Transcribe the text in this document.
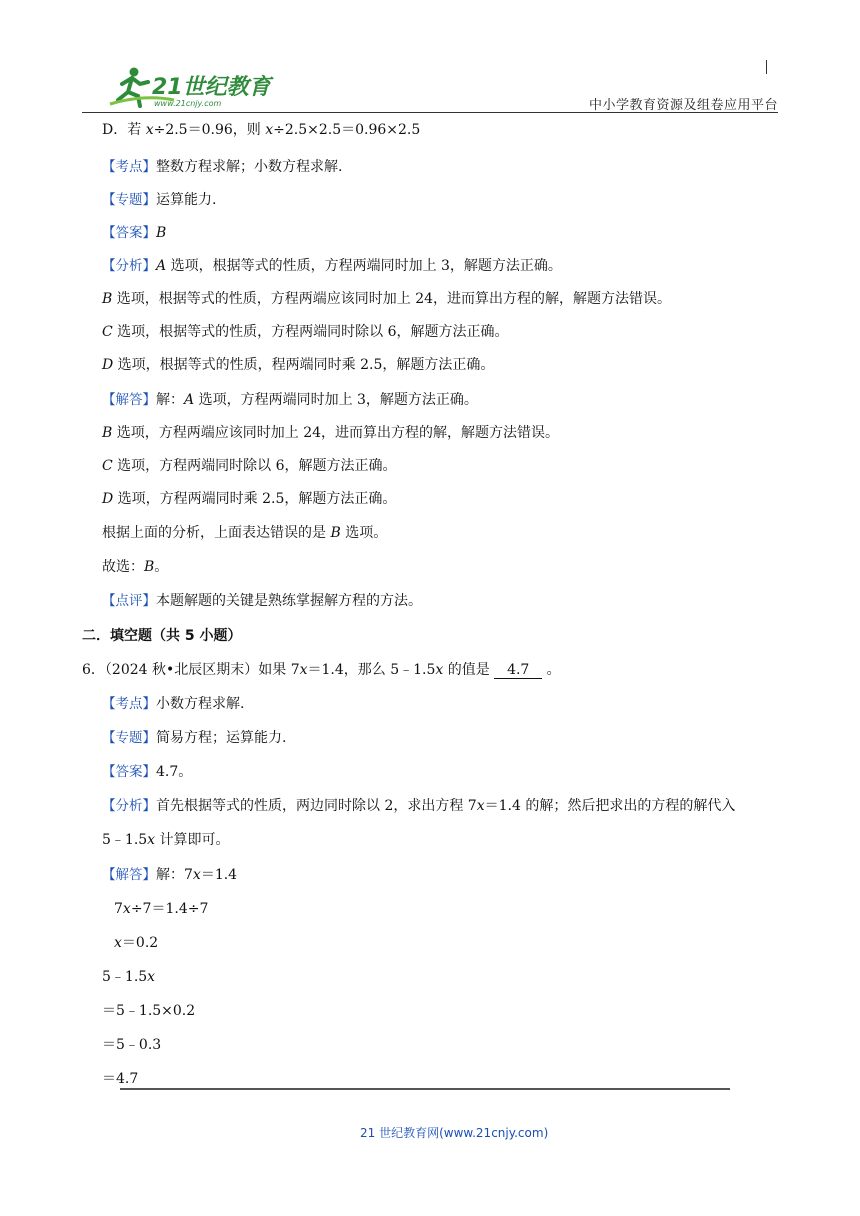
21世纪教育
www.21cnjy.com	中小学教育资源及组卷应用平台
D．若 x÷2.5＝0.96，则 x÷2.5×2.5＝0.96×2.5
【考点】整数方程求解；小数方程求解.
【专题】运算能力.
【答案】B
【分析】A 选项，根据等式的性质，方程两端同时加上 3，解题方法正确。
B 选项，根据等式的性质，方程两端应该同时加上 24，进而算出方程的解，解题方法错误。
C 选项，根据等式的性质，方程两端同时除以 6，解题方法正确。
D 选项，根据等式的性质，程两端同时乘 2.5，解题方法正确。
【解答】解：A 选项，方程两端同时加上 3，解题方法正确。
B 选项，方程两端应该同时加上 24，进而算出方程的解，解题方法错误。
C 选项，方程两端同时除以 6，解题方法正确。
D 选项，方程两端同时乘 2.5，解题方法正确。
根据上面的分析，上面表达错误的是 B 选项。
故选：B。
【点评】本题解题的关键是熟练掌握解方程的方法。
二．填空题（共 5 小题）
6．（2024 秋•北辰区期末）如果 7x＝1.4，那么 5﹣1.5x 的值是 4.7 。
【考点】小数方程求解.
【专题】简易方程；运算能力.
【答案】4.7。
【分析】首先根据等式的性质，两边同时除以 2，求出方程 7x＝1.4 的解；然后把求出的方程的解代入
5﹣1.5x 计算即可。
【解答】解：7x＝1.4
7x÷7＝1.4÷7
x＝0.2
5﹣1.5x
＝5﹣1.5×0.2
＝5﹣0.3
＝4.7
21 世纪教育网(www.21cnjy.com)
